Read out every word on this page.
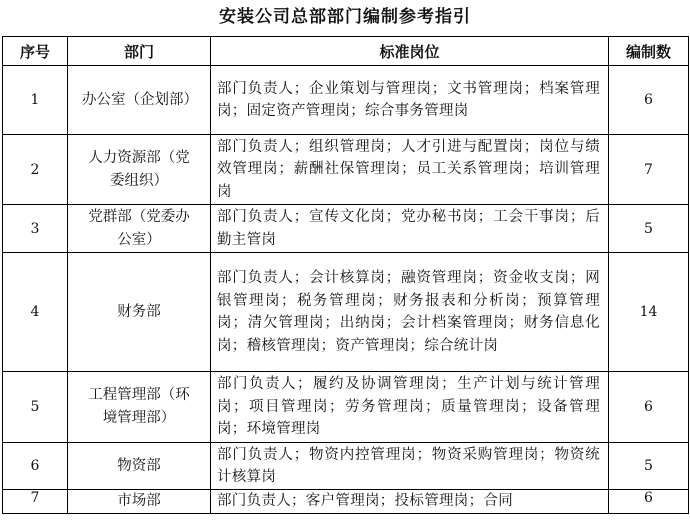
安装公司总部部门编制参考指引
序号	部门	标准岗位	编制数
1	办公室（企划部）	部门负责人；企业策划与管理岗；文书管理岗；档案管理岗；固定资产管理岗；综合事务管理岗	6
2	人力资源部（党委组织）	部门负责人；组织管理岗；人才引进与配置岗；岗位与绩效管理岗；薪酬社保管理岗；员工关系管理岗；培训管理岗	7
3	党群部（党委办公室）	部门负责人；宣传文化岗；党办秘书岗；工会干事岗；后勤主管岗	5
4	财务部	部门负责人；会计核算岗；融资管理岗；资金收支岗；网银管理岗；税务管理岗；财务报表和分析岗；预算管理岗；清欠管理岗；出纳岗；会计档案管理岗；财务信息化岗；稽核管理岗；资产管理岗；综合统计岗	14
5	工程管理部（环境管理部）	部门负责人；履约及协调管理岗；生产计划与统计管理岗；项目管理岗；劳务管理岗；质量管理岗；设备管理岗；环境管理岗	6
6	物资部	部门负责人；物资内控管理岗；物资采购管理岗；物资统计核算岗	5
7	市场部	部门负责人；客户管理岗；投标管理岗；合同	6
